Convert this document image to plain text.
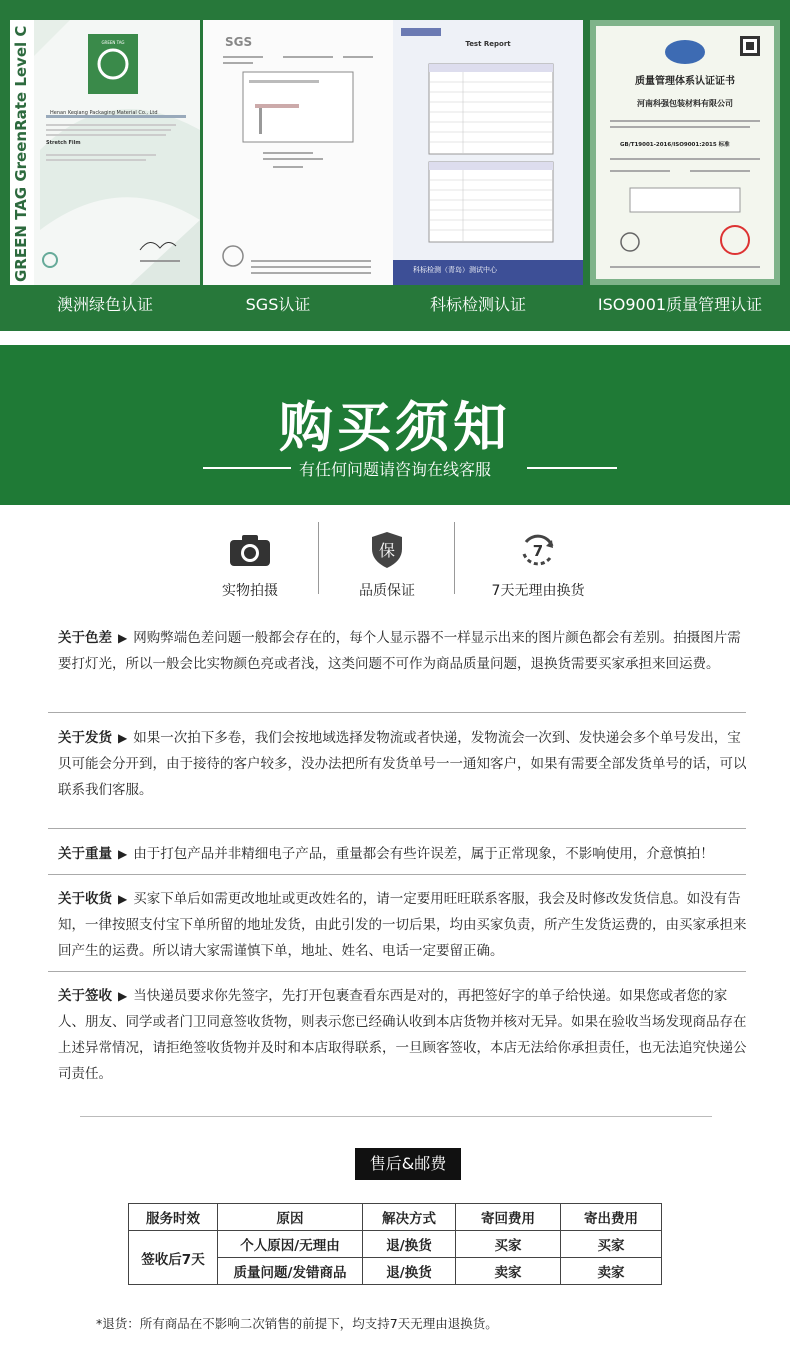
GREEN TAG GreenRate Level C	GREEN TAG
Henan Keqiang Packaging Material Co., Ltd
Stretch Film
澳洲绿色认证
SGS
SGS认证
Test Report
科标检测（青岛）测试中心
科标检测认证
质量管理体系认证证书
河南科强包装材料有限公司
GB/T19001-2016/ISO9001:2015 标准
ISO9001质量管理认证
购买须知
有任何问题请咨询在线客服
实物拍摄
保
品质保证
7
7天无理由换货
关于色差 ▶ 网购弊端色差问题一般都会存在的，每个人显示器不一样显示出来的图片颜色都会有差别。拍摄图片需要打灯光，所以一般会比实物颜色亮或者浅，这类问题不可作为商品质量问题，退换货需要买家承担来回运费。
关于发货 ▶ 如果一次拍下多卷，我们会按地域选择发物流或者快递，发物流会一次到、发快递会多个单号发出，宝贝可能会分开到，由于接待的客户较多，没办法把所有发货单号一一通知客户，如果有需要全部发货单号的话，可以联系我们客服。
关于重量 ▶ 由于打包产品并非精细电子产品，重量都会有些许误差，属于正常现象，不影响使用，介意慎拍！
关于收货 ▶ 买家下单后如需更改地址或更改姓名的，请一定要用旺旺联系客服，我会及时修改发货信息。如没有告知，一律按照支付宝下单所留的地址发货，由此引发的一切后果，均由买家负责，所产生发货运费的，由买家承担来回产生的运费。所以请大家需谨慎下单，地址、姓名、电话一定要留正确。
关于签收 ▶ 当快递员要求你先签字，先打开包裹查看东西是对的，再把签好字的单子给快递。如果您或者您的家人、朋友、同学或者门卫同意签收货物，则表示您已经确认收到本店货物并核对无异。如果在验收当场发现商品存在上述异常情况，请拒绝签收货物并及时和本店取得联系，一旦顾客签收，本店无法给你承担责任，也无法追究快递公司责任。
售后&邮费
服务时效	原因	解决方式	寄回费用	寄出费用
签收后7天	个人原因/无理由	退/换货	买家	买家
	质量问题/发错商品	退/换货	卖家	卖家
*退货：所有商品在不影响二次销售的前提下，均支持7天无理由退换货。
